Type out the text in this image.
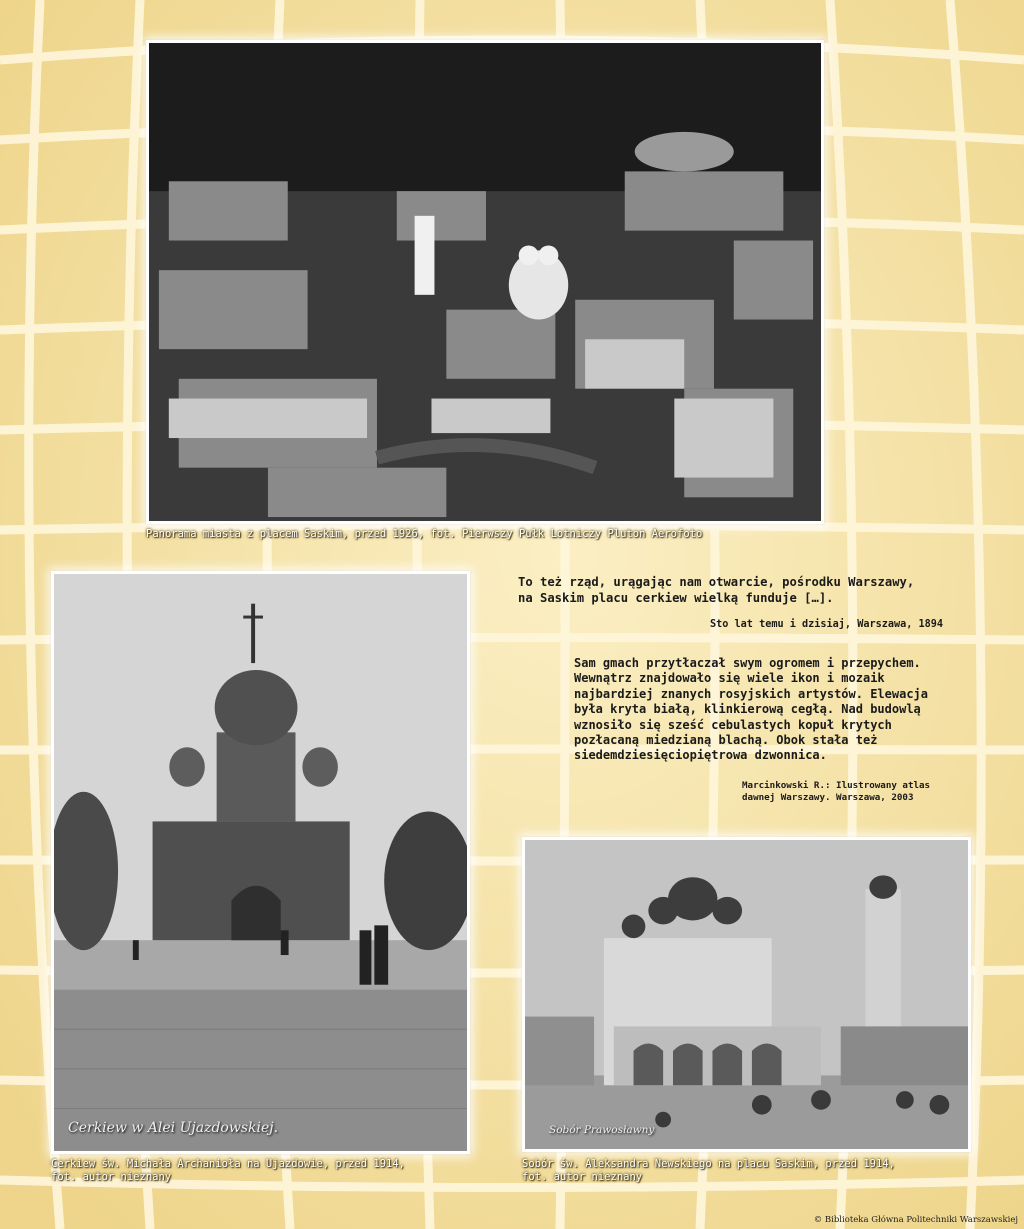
Panorama miasta z placem Saskim, przed 1926, fot. Pierwszy Pułk Lotniczy Pluton Aerofoto
Cerkiew w Alei Ujazdowskiej.
Cerkiew św. Michała Archanioła na Ujazdowie, przed 1914,
fot. autor nieznany
To też rząd, urągając nam otwarcie, pośrodku Warszawy,
na Saskim placu cerkiew wielką funduje […].
Sto lat temu i dzisiaj, Warszawa, 1894
Sam gmach przytłaczał swym ogromem i przepychem.
Wewnątrz znajdowało się wiele ikon i mozaik
najbardziej znanych rosyjskich artystów. Elewacja
była kryta białą, klinkierową cegłą. Nad budowlą
wznosiło się sześć cebulastych kopuł krytych
pozłacaną miedzianą blachą. Obok stała też
siedemdziesięciopiętrowa dzwonnica.
Marcinkowski R.: Ilustrowany atlas
dawnej Warszawy. Warszawa, 2003
Sobór Prawosławny
Sobór św. Aleksandra Newskiego na placu Saskim, przed 1914,
fot. autor nieznany
© Biblioteka Główna Politechniki Warszawskiej
